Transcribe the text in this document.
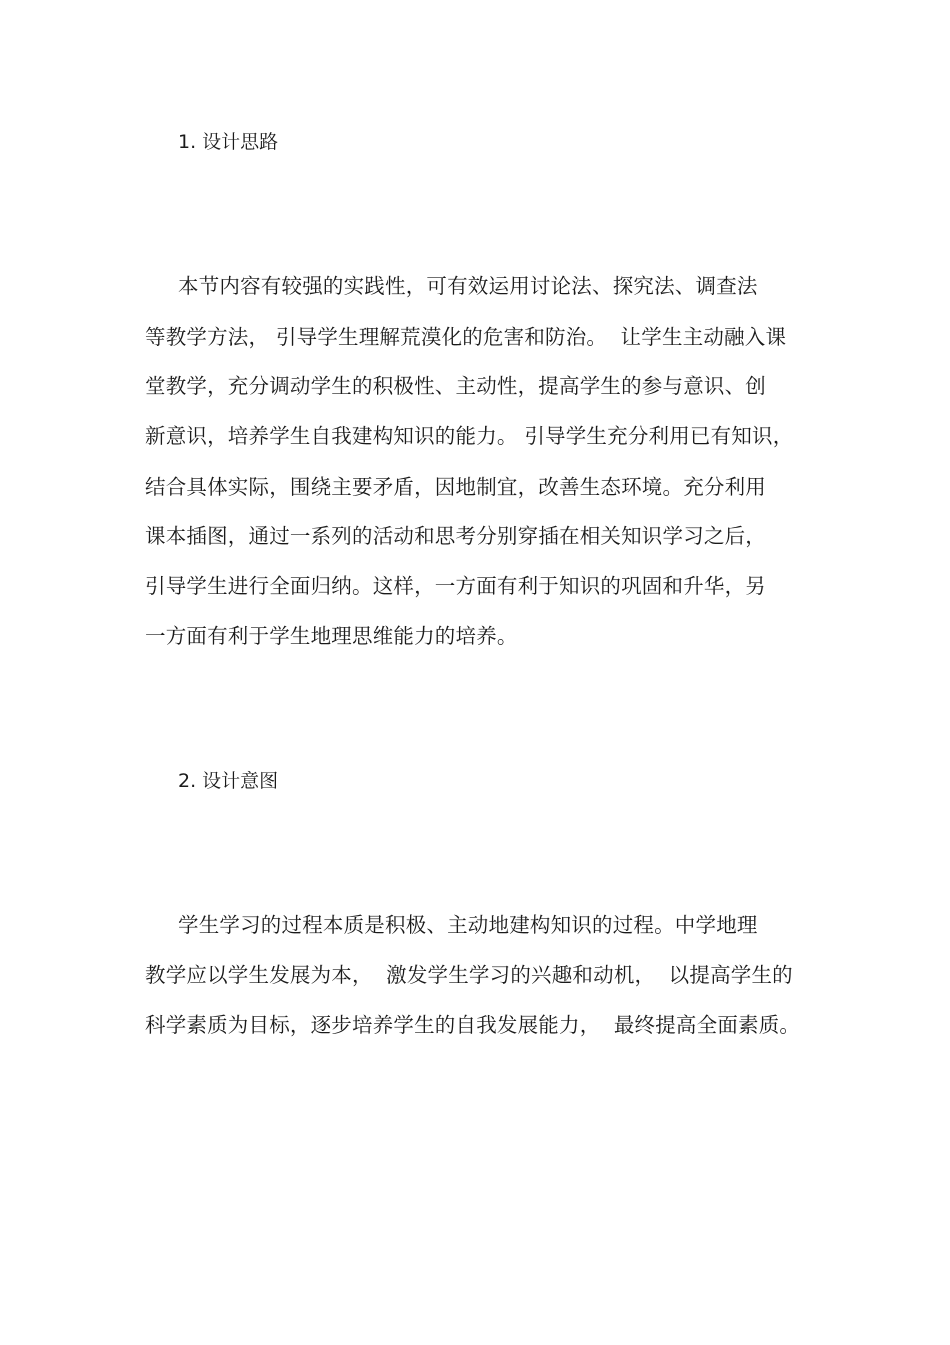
1. 设计思路
本节内容有较强的实践性，可有效运用讨论法、探究法、调查法
等教学方法， 引导学生理解荒漠化的危害和防治。  让学生主动融入课
堂教学，充分调动学生的积极性、主动性，提高学生的参与意识、创
新意识，培养学生自我建构知识的能力。 引导学生充分利用已有知识，
结合具体实际，围绕主要矛盾，因地制宜，改善生态环境。充分利用
课本插图，通过一系列的活动和思考分别穿插在相关知识学习之后，
引导学生进行全面归纳。这样，一方面有利于知识的巩固和升华，另
一方面有利于学生地理思维能力的培养。
2. 设计意图
学生学习的过程本质是积极、主动地建构知识的过程。中学地理
教学应以学生发展为本，  激发学生学习的兴趣和动机，  以提高学生的
科学素质为目标，逐步培养学生的自我发展能力，  最终提高全面素质。
